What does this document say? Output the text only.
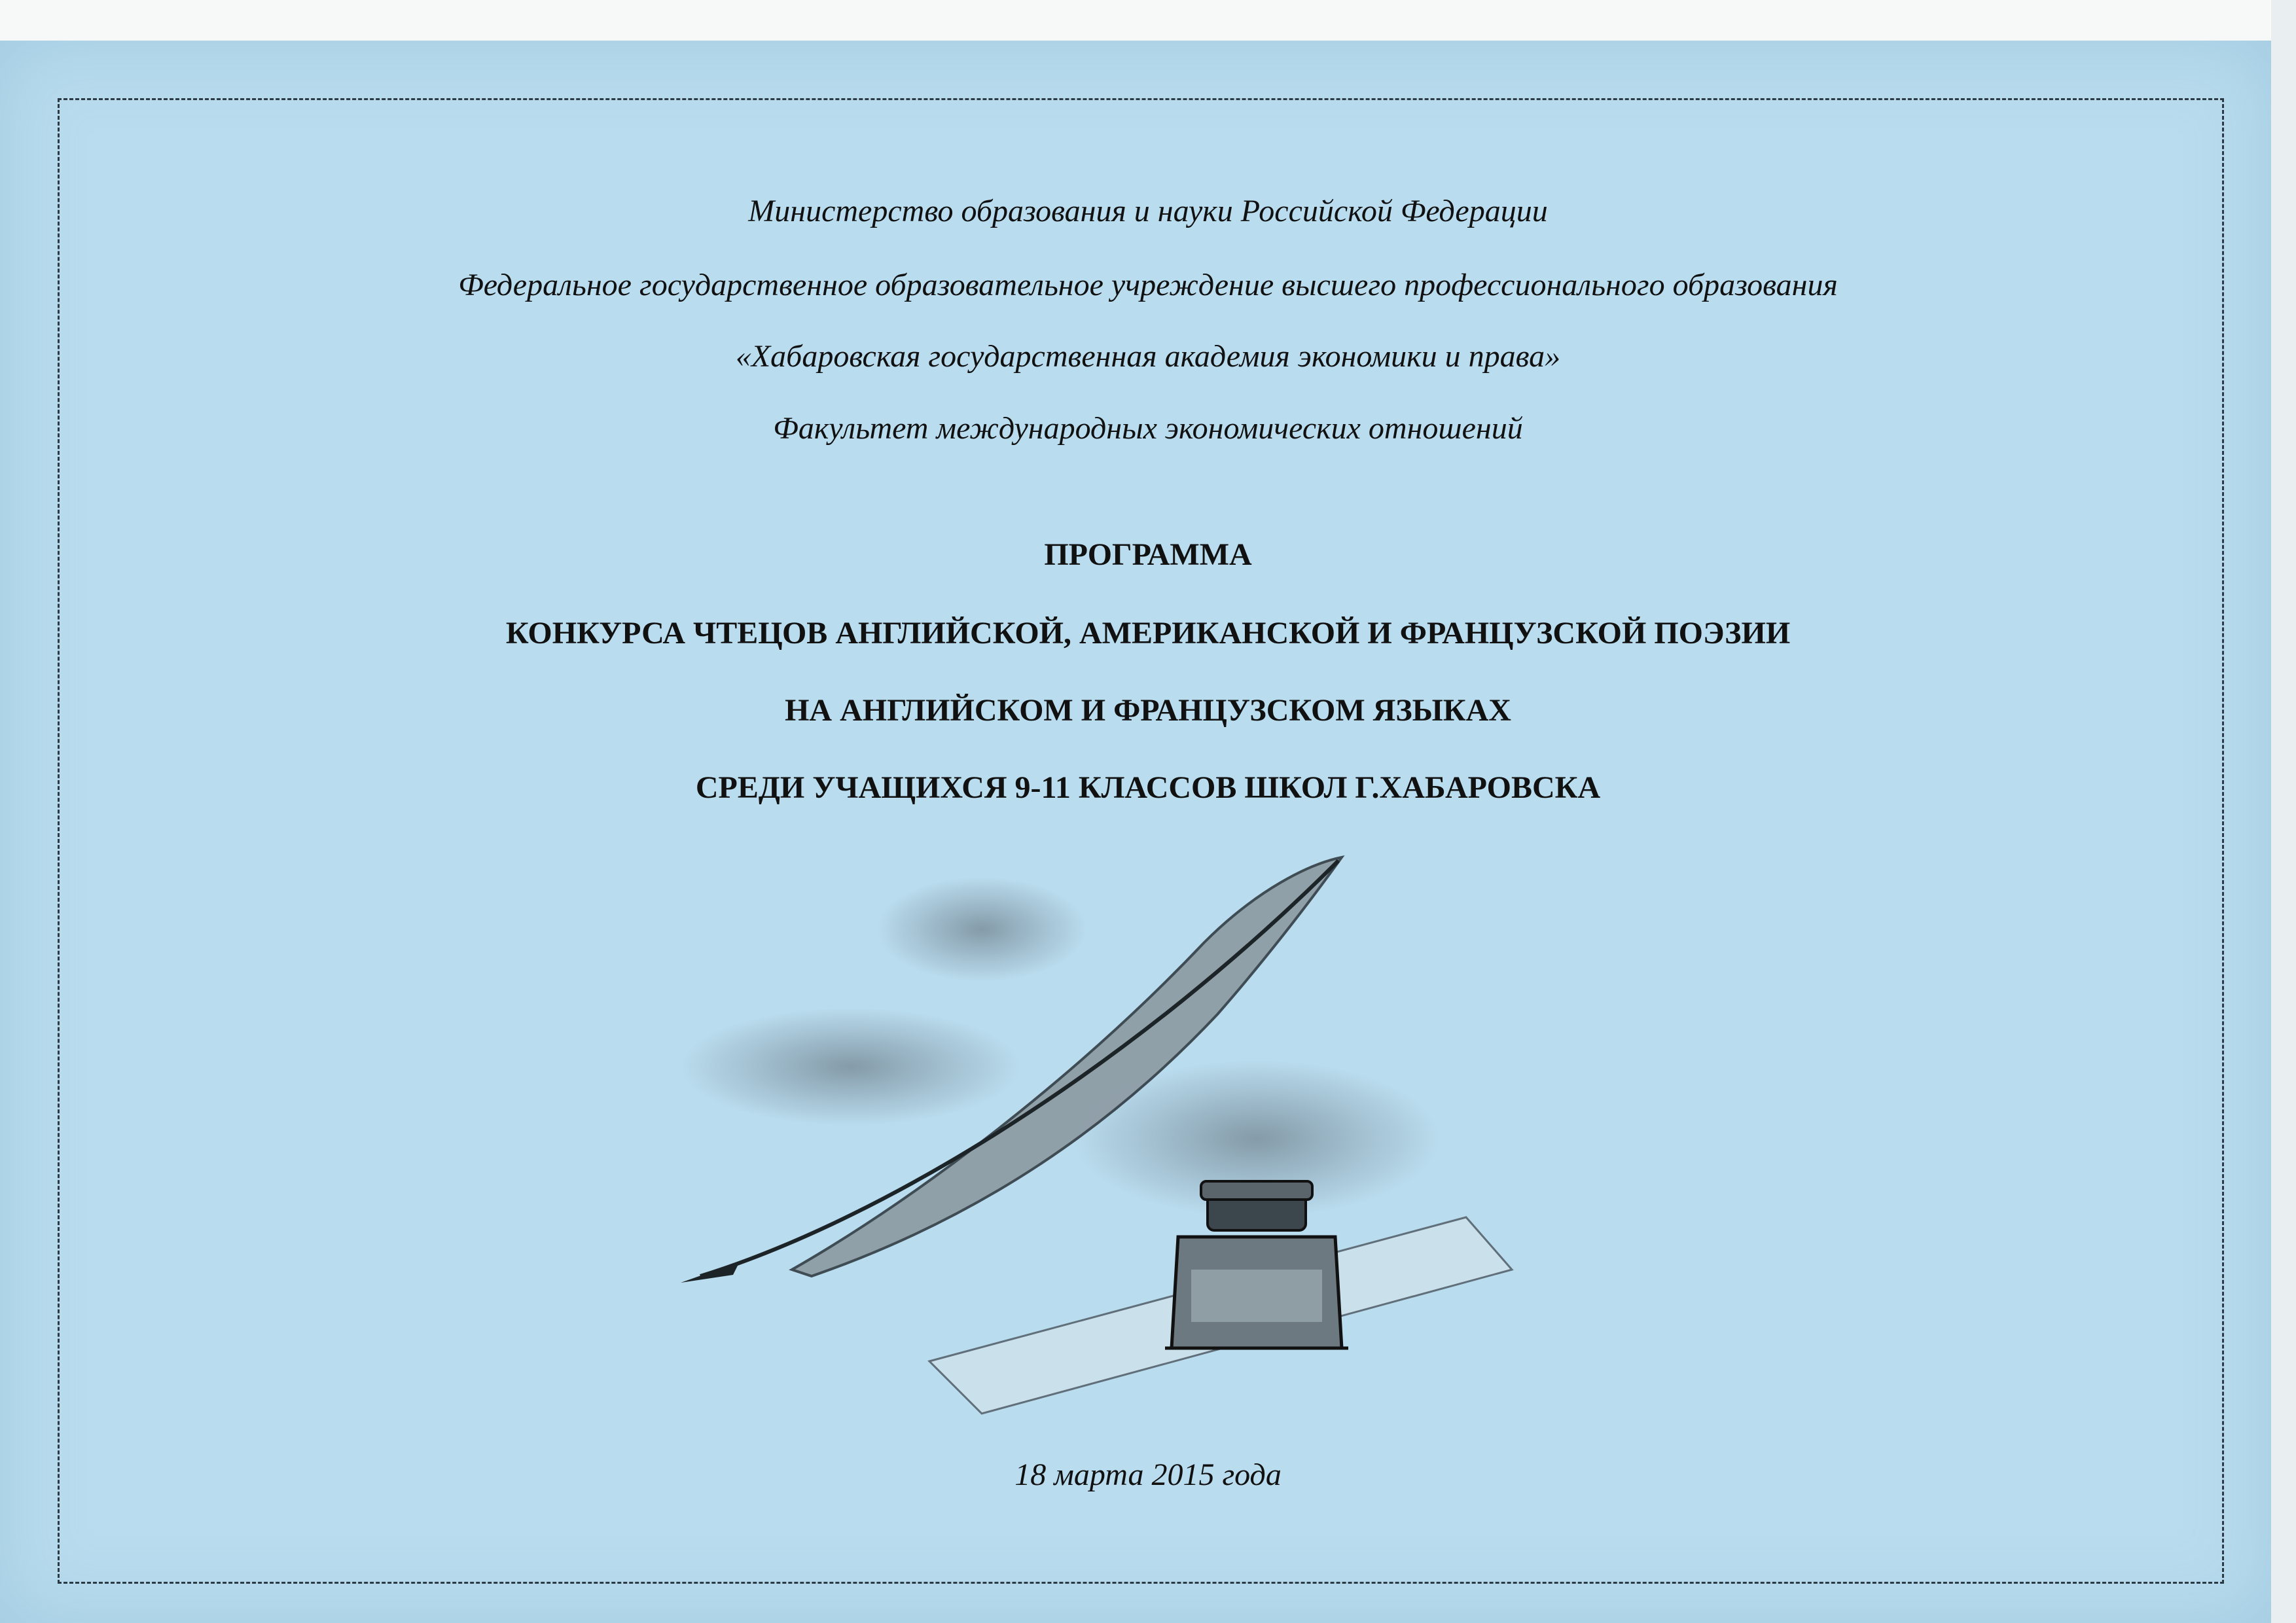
Министерство образования и науки Российской Федерации
Федеральное государственное образовательное учреждение высшего профессионального образования
«Хабаровская государственная академия экономики и права»
Факультет международных экономических отношений
ПРОГРАММА
КОНКУРСА ЧТЕЦОВ АНГЛИЙСКОЙ, АМЕРИКАНСКОЙ И ФРАНЦУЗСКОЙ ПОЭЗИИ
НА АНГЛИЙСКОМ И ФРАНЦУЗСКОМ ЯЗЫКАХ
СРЕДИ УЧАЩИХСЯ 9-11 КЛАССОВ ШКОЛ Г.ХАБАРОВСКА
18 марта 2015 года
